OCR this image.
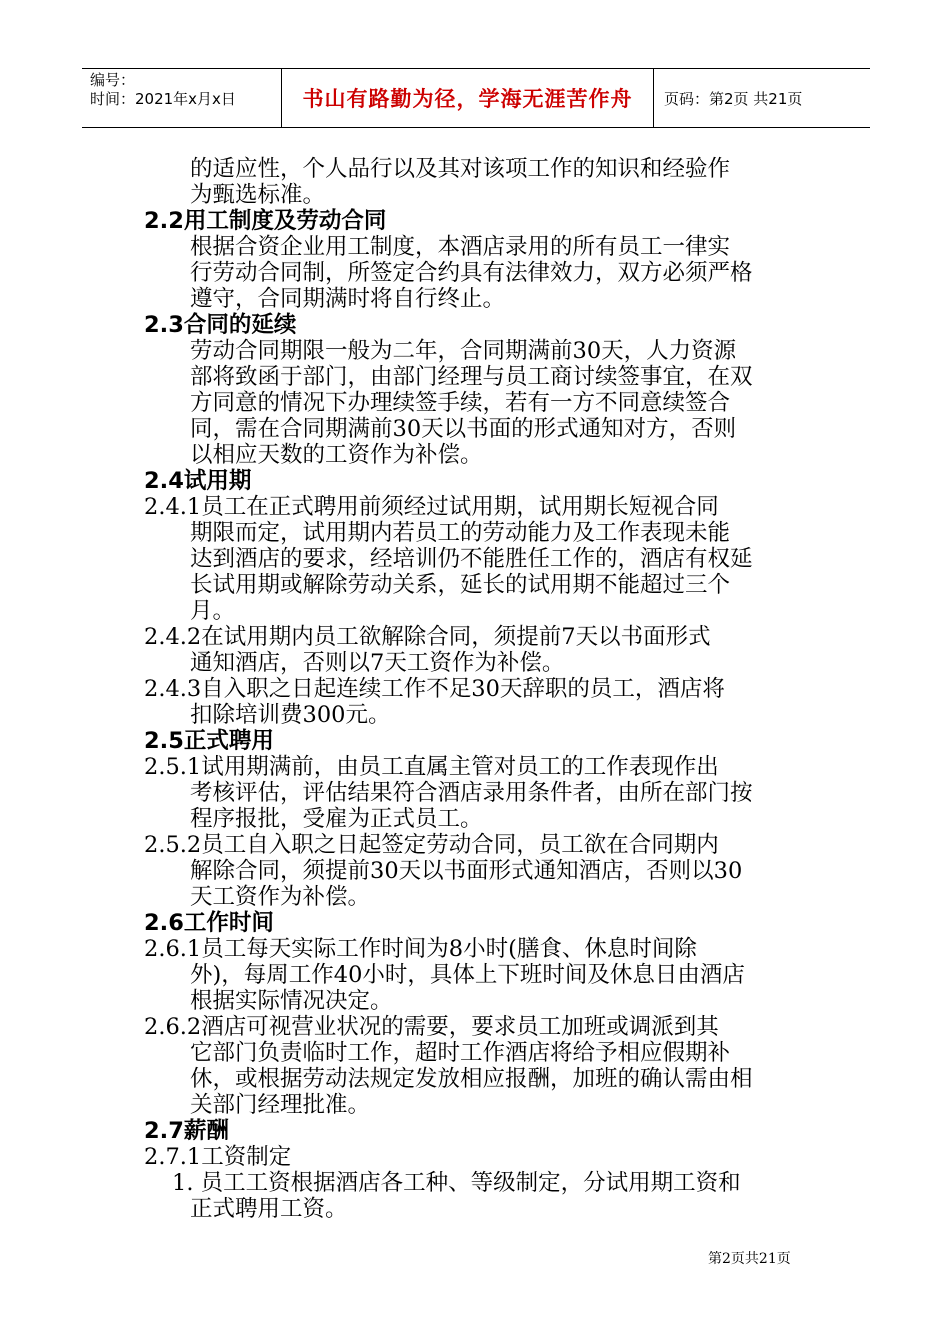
编号：
时间：2021年x月x日	书山有路勤为径，学海无涯苦作舟	页码：第2页 共21页
的适应性，个人品行以及其对该项工作的知识和经验作
为甄选标准。
2.2用工制度及劳动合同
根据合资企业用工制度，本酒店录用的所有员工一律实
行劳动合同制，所签定合约具有法律效力，双方必须严格
遵守，合同期满时将自行终止。
2.3合同的延续
劳动合同期限一般为二年，合同期满前30天，人力资源
部将致函于部门，由部门经理与员工商讨续签事宜，在双
方同意的情况下办理续签手续，若有一方不同意续签合
同，需在合同期满前30天以书面的形式通知对方，否则
以相应天数的工资作为补偿。
2.4试用期
2.4.1员工在正式聘用前须经过试用期，试用期长短视合同
期限而定，试用期内若员工的劳动能力及工作表现未能
达到酒店的要求，经培训仍不能胜任工作的，酒店有权延
长试用期或解除劳动关系，延长的试用期不能超过三个
月。
2.4.2在试用期内员工欲解除合同，须提前7天以书面形式
通知酒店，否则以7天工资作为补偿。
2.4.3自入职之日起连续工作不足30天辞职的员工，酒店将
扣除培训费300元。
2.5正式聘用
2.5.1试用期满前，由员工直属主管对员工的工作表现作出
考核评估，评估结果符合酒店录用条件者，由所在部门按
程序报批，受雇为正式员工。
2.5.2员工自入职之日起签定劳动合同，员工欲在合同期内
解除合同，须提前30天以书面形式通知酒店，否则以30
天工资作为补偿。
2.6工作时间
2.6.1员工每天实际工作时间为8小时(膳食、休息时间除
外)，每周工作40小时，具体上下班时间及休息日由酒店
根据实际情况决定。
2.6.2酒店可视营业状况的需要，要求员工加班或调派到其
它部门负责临时工作，超时工作酒店将给予相应假期补
休，或根据劳动法规定发放相应报酬，加班的确认需由相
关部门经理批准。
2.7薪酬
2.7.1工资制定
1. 员工工资根据酒店各工种、等级制定，分试用期工资和
正式聘用工资。
第2页共21页
